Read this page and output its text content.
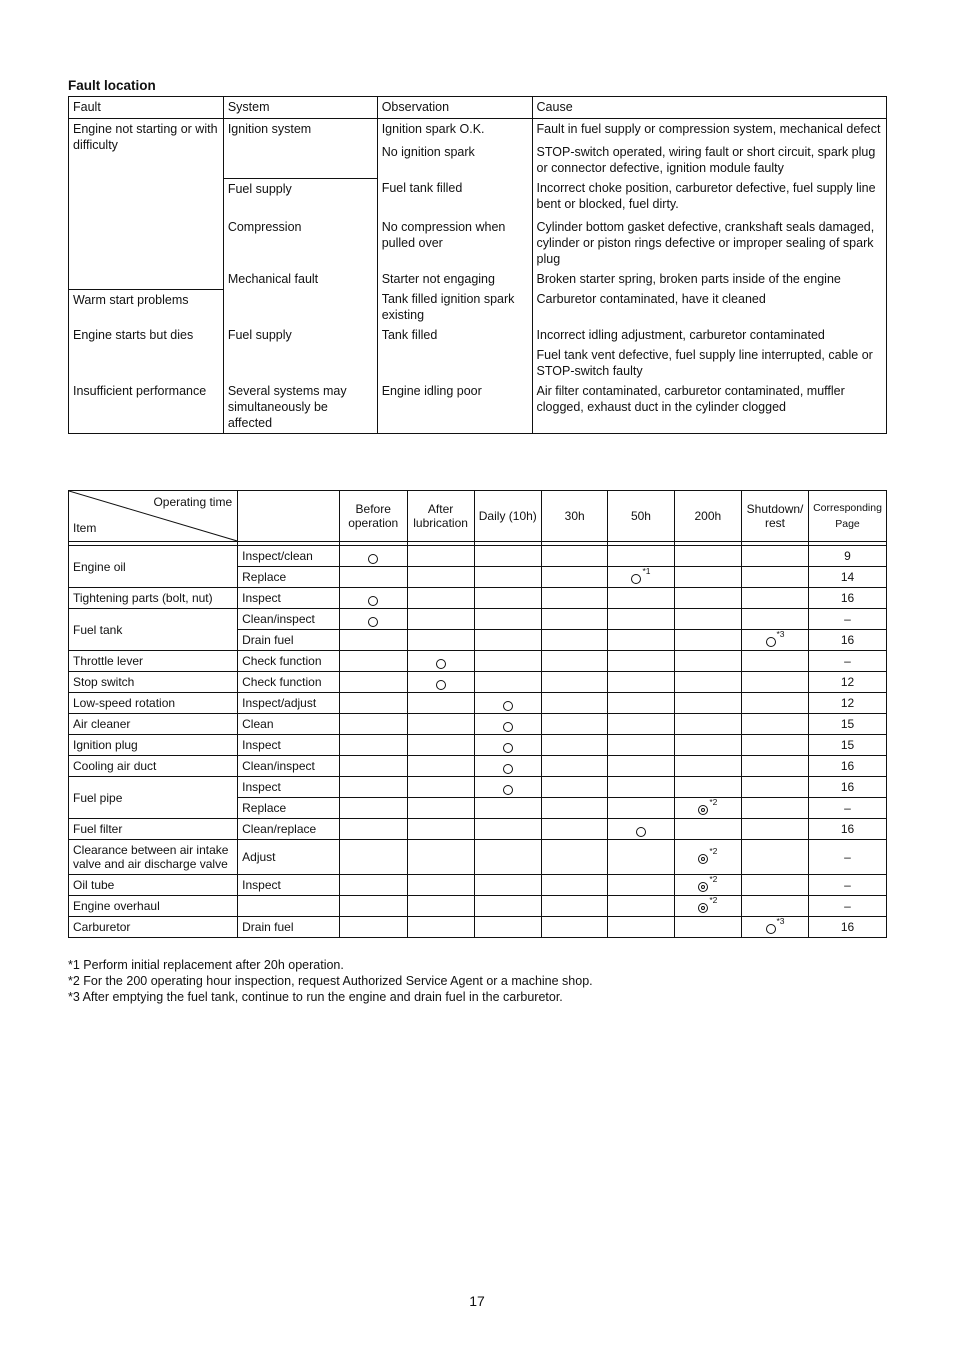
Fault location
Fault	System	Observation	Cause

Engine not starting or with difficulty	Ignition system	Ignition spark O.K.	Fault in fuel supply or compression system, mechanical defect

		No ignition spark	STOP-switch operated, wiring fault or short circuit, spark plug or connector defective, ignition module faulty

	Fuel supply	Fuel tank filled	Incorrect choke position, carburetor defective, fuel supply line bent or blocked, fuel dirty.

	Compression	No compression when pulled over	Cylinder bottom gasket defective, crankshaft seals damaged, cylinder or piston rings defective or improper sealing of spark plug

	Mechanical fault	Starter not engaging	Broken starter spring, broken parts inside of the engine

Warm start problems		Tank filled ignition spark existing	Carburetor contaminated, have it cleaned

Engine starts but dies	Fuel supply	Tank filled	Incorrect idling adjustment, carburetor contaminated

			Fuel tank vent defective, fuel supply line interrupted, cable or STOP-switch faulty

Insufficient performance	Several systems may simultaneously be affected	Engine idling poor	Air filter contaminated, carburetor contaminated, muffler clogged, exhaust duct in the cylinder clogged

Operating time
Item		Before operation	After lubrication	Daily (10h)	30h	50h	200h	Shutdown/ rest	Corresponding Page

Engine oil	Inspect/clean								9
	Replace					$^{*1}$			14
Tightening parts (bolt, nut)	Inspect								16
Fuel tank	Clean/inspect								–
	Drain fuel							$^{*3}$	16
Throttle lever	Check function								–
Stop switch	Check function								12
Low-speed rotation	Inspect/adjust								12
Air cleaner	Clean								15
Ignition plug	Inspect								15
Cooling air duct	Clean/inspect								16
Fuel pipe	Inspect								16
	Replace						$^{*2}$		–
Fuel filter	Clean/replace								16
Clearance between air intake valve and air discharge valve	Adjust						$^{*2}$		–
Oil tube	Inspect						$^{*2}$		–
Engine overhaul							$^{*2}$		–
Carburetor	Drain fuel							$^{*3}$	16

*1 Perform initial replacement after 20h operation.

*2 For the 200 operating hour inspection, request Authorized Service Agent or a machine shop.

*3 After emptying the fuel tank, continue to run the engine and drain fuel in the carburetor.

17
